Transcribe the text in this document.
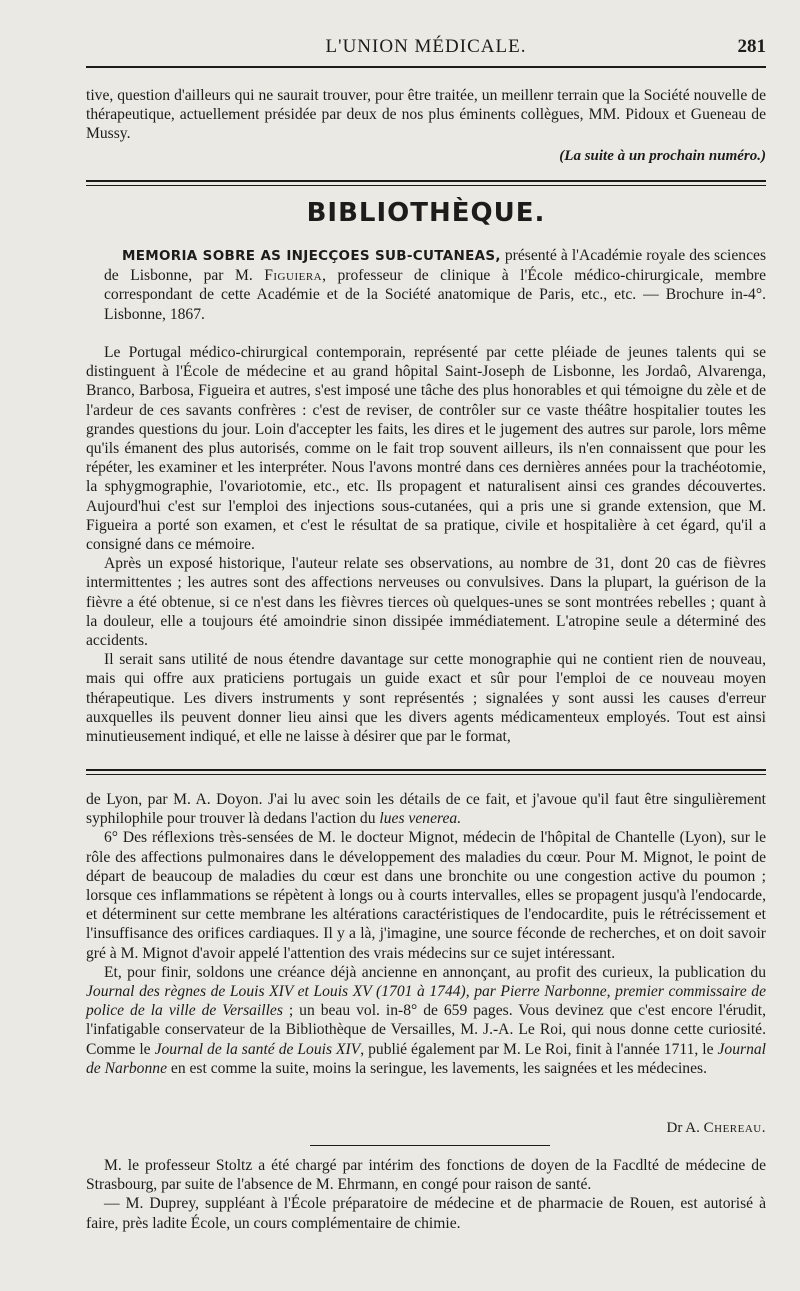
L'UNION MÉDICALE.	281

tive, question d'ailleurs qui ne saurait trouver, pour être traitée, un meillenr terrain que la Société nouvelle de thérapeutique, actuellement présidée par deux de nos plus éminents collègues, MM. Pidoux et Gueneau de Mussy.

(La suite à un prochain numéro.)
BIBLIOTHÈQUE.

MEMORIA SOBRE AS INJECÇOES SUB-CUTANEAS, présenté à l'Académie royale des sciences de Lisbonne, par M. Figuiera, professeur de clinique à l'École médico-chirurgicale, membre correspondant de cette Académie et de la Société anatomique de Paris, etc., etc. — Brochure in-4°. Lisbonne, 1867.

Le Portugal médico-chirurgical contemporain, représenté par cette pléiade de jeunes talents qui se distinguent à l'École de médecine et au grand hôpital Saint-Joseph de Lisbonne, les Jordaô, Alvarenga, Branco, Barbosa, Figueira et autres, s'est imposé une tâche des plus honorables et qui témoigne du zèle et de l'ardeur de ces savants confrères : c'est de reviser, de contrôler sur ce vaste théâtre hospitalier toutes les grandes questions du jour. Loin d'accepter les faits, les dires et le jugement des autres sur parole, lors même qu'ils émanent des plus autorisés, comme on le fait trop souvent ailleurs, ils n'en connaissent que pour les répéter, les examiner et les interpréter. Nous l'avons montré dans ces dernières années pour la trachéotomie, la sphygmographie, l'ovariotomie, etc., etc. Ils propagent et naturalisent ainsi ces grandes découvertes. Aujourd'hui c'est sur l'emploi des injections sous-cutanées, qui a pris une si grande extension, que M. Figueira a porté son examen, et c'est le résultat de sa pratique, civile et hospitalière à cet égard, qu'il a consigné dans ce mémoire.

Après un exposé historique, l'auteur relate ses observations, au nombre de 31, dont 20 cas de fièvres intermittentes ; les autres sont des affections nerveuses ou convulsives. Dans la plupart, la guérison de la fièvre a été obtenue, si ce n'est dans les fièvres tierces où quelques-unes se sont montrées rebelles ; quant à la douleur, elle a toujours été amoindrie sinon dissipée immédiatement. L'atropine seule a déterminé des accidents.

Il serait sans utilité de nous étendre davantage sur cette monographie qui ne contient rien de nouveau, mais qui offre aux praticiens portugais un guide exact et sûr pour l'emploi de ce nouveau moyen thérapeutique. Les divers instruments y sont représentés ; signalées y sont aussi les causes d'erreur auxquelles ils peuvent donner lieu ainsi que les divers agents médicamenteux employés. Tout est ainsi minutieusement indiqué, et elle ne laisse à désirer que par le format,

de Lyon, par M. A. Doyon. J'ai lu avec soin les détails de ce fait, et j'avoue qu'il faut être singulièrement syphilophile pour trouver là dedans l'action du lues venerea.

6° Des réflexions très-sensées de M. le docteur Mignot, médecin de l'hôpital de Chantelle (Lyon), sur le rôle des affections pulmonaires dans le développement des maladies du cœur. Pour M. Mignot, le point de départ de beaucoup de maladies du cœur est dans une bronchite ou une congestion active du poumon ; lorsque ces inflammations se répètent à longs ou à courts intervalles, elles se propagent jusqu'à l'endocarde, et déterminent sur cette membrane les altérations caractéristiques de l'endocardite, puis le rétrécissement et l'insuffisance des orifices cardiaques. Il y a là, j'imagine, une source féconde de recherches, et on doit savoir gré à M. Mignot d'avoir appelé l'attention des vrais médecins sur ce sujet intéressant.

Et, pour finir, soldons une créance déjà ancienne en annonçant, au profit des curieux, la publication du Journal des règnes de Louis XIV et Louis XV (1701 à 1744), par Pierre Narbonne, premier commissaire de police de la ville de Versailles ; un beau vol. in-8° de 659 pages. Vous devinez que c'est encore l'érudit, l'infatigable conservateur de la Bibliothèque de Versailles, M. J.-A. Le Roi, qui nous donne cette curiosité. Comme le Journal de la santé de Louis XIV, publié également par M. Le Roi, finit à l'année 1711, le Journal de Narbonne en est comme la suite, moins la seringue, les lavements, les saignées et les médecines.

Dr A. Chereau.

M. le professeur Stoltz a été chargé par intérim des fonctions de doyen de la Facdlté de médecine de Strasbourg, par suite de l'absence de M. Ehrmann, en congé pour raison de santé.

— M. Duprey, suppléant à l'École préparatoire de médecine et de pharmacie de Rouen, est autorisé à faire, près ladite École, un cours complémentaire de chimie.
